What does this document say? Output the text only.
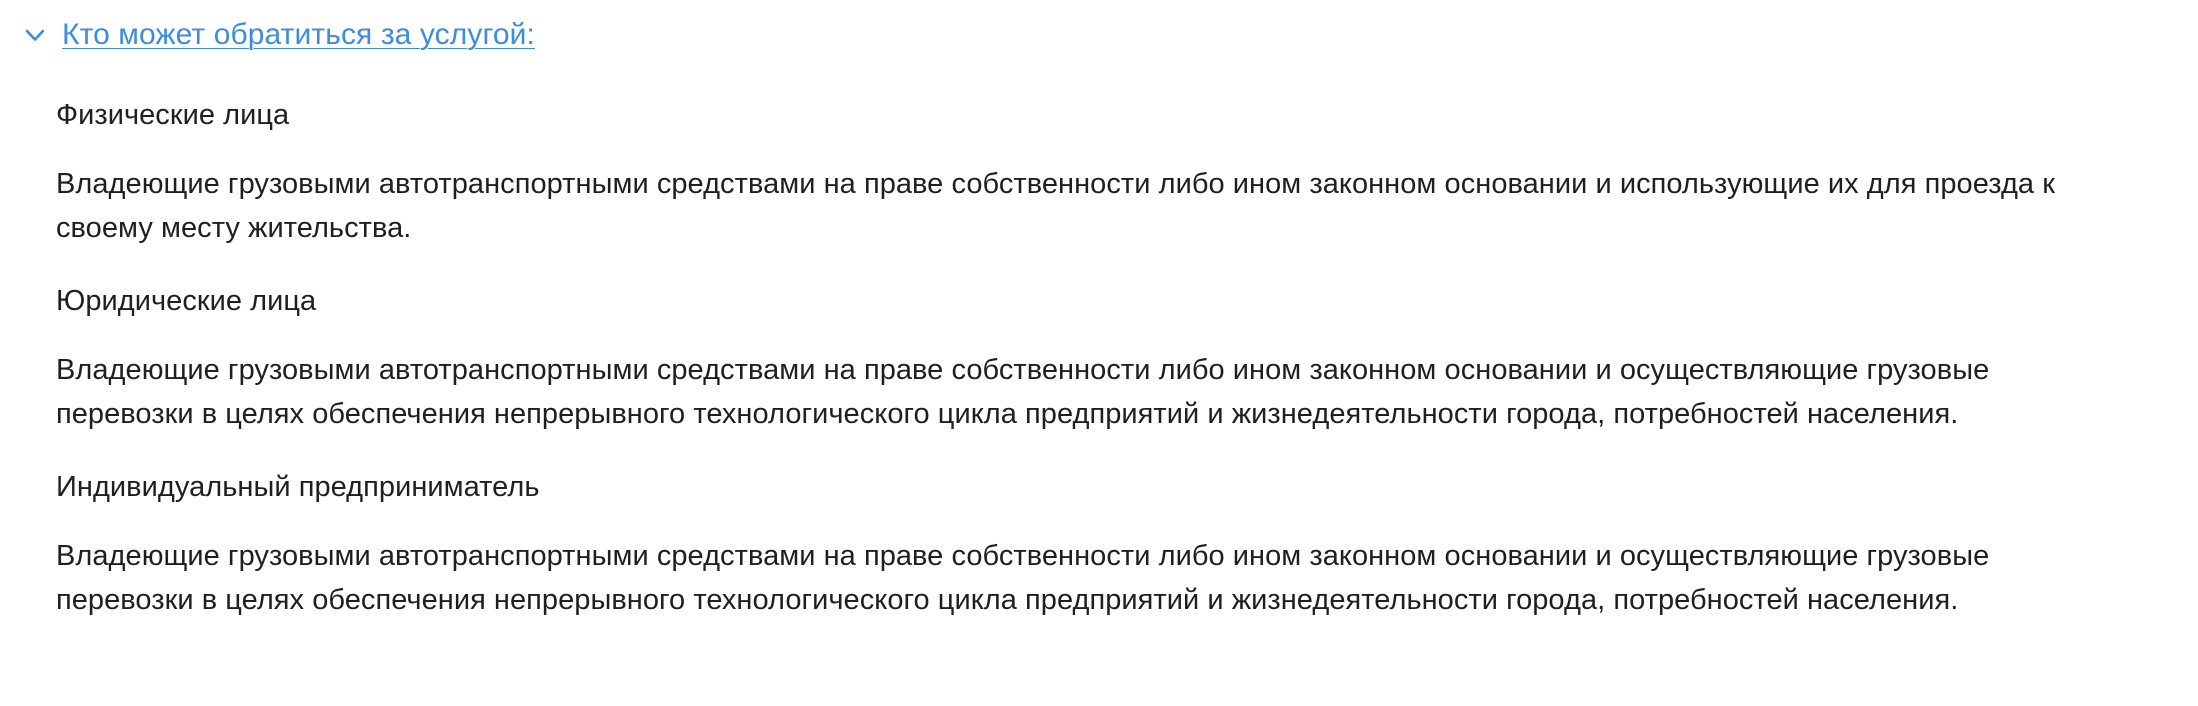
Кто может обратиться за услугой:

Физические лица

Владеющие грузовыми автотранспортными средствами на праве собственности либо ином законном основании и использующие их для проезда к своему месту жительства.

Юридические лица

Владеющие грузовыми автотранспортными средствами на праве собственности либо ином законном основании и осуществляющие грузовые перевозки в целях обеспечения непрерывного технологического цикла предприятий и жизнедеятельности города, потребностей населения.

Индивидуальный предприниматель

Владеющие грузовыми автотранспортными средствами на праве собственности либо ином законном основании и осуществляющие грузовые перевозки в целях обеспечения непрерывного технологического цикла предприятий и жизнедеятельности города, потребностей населения.
